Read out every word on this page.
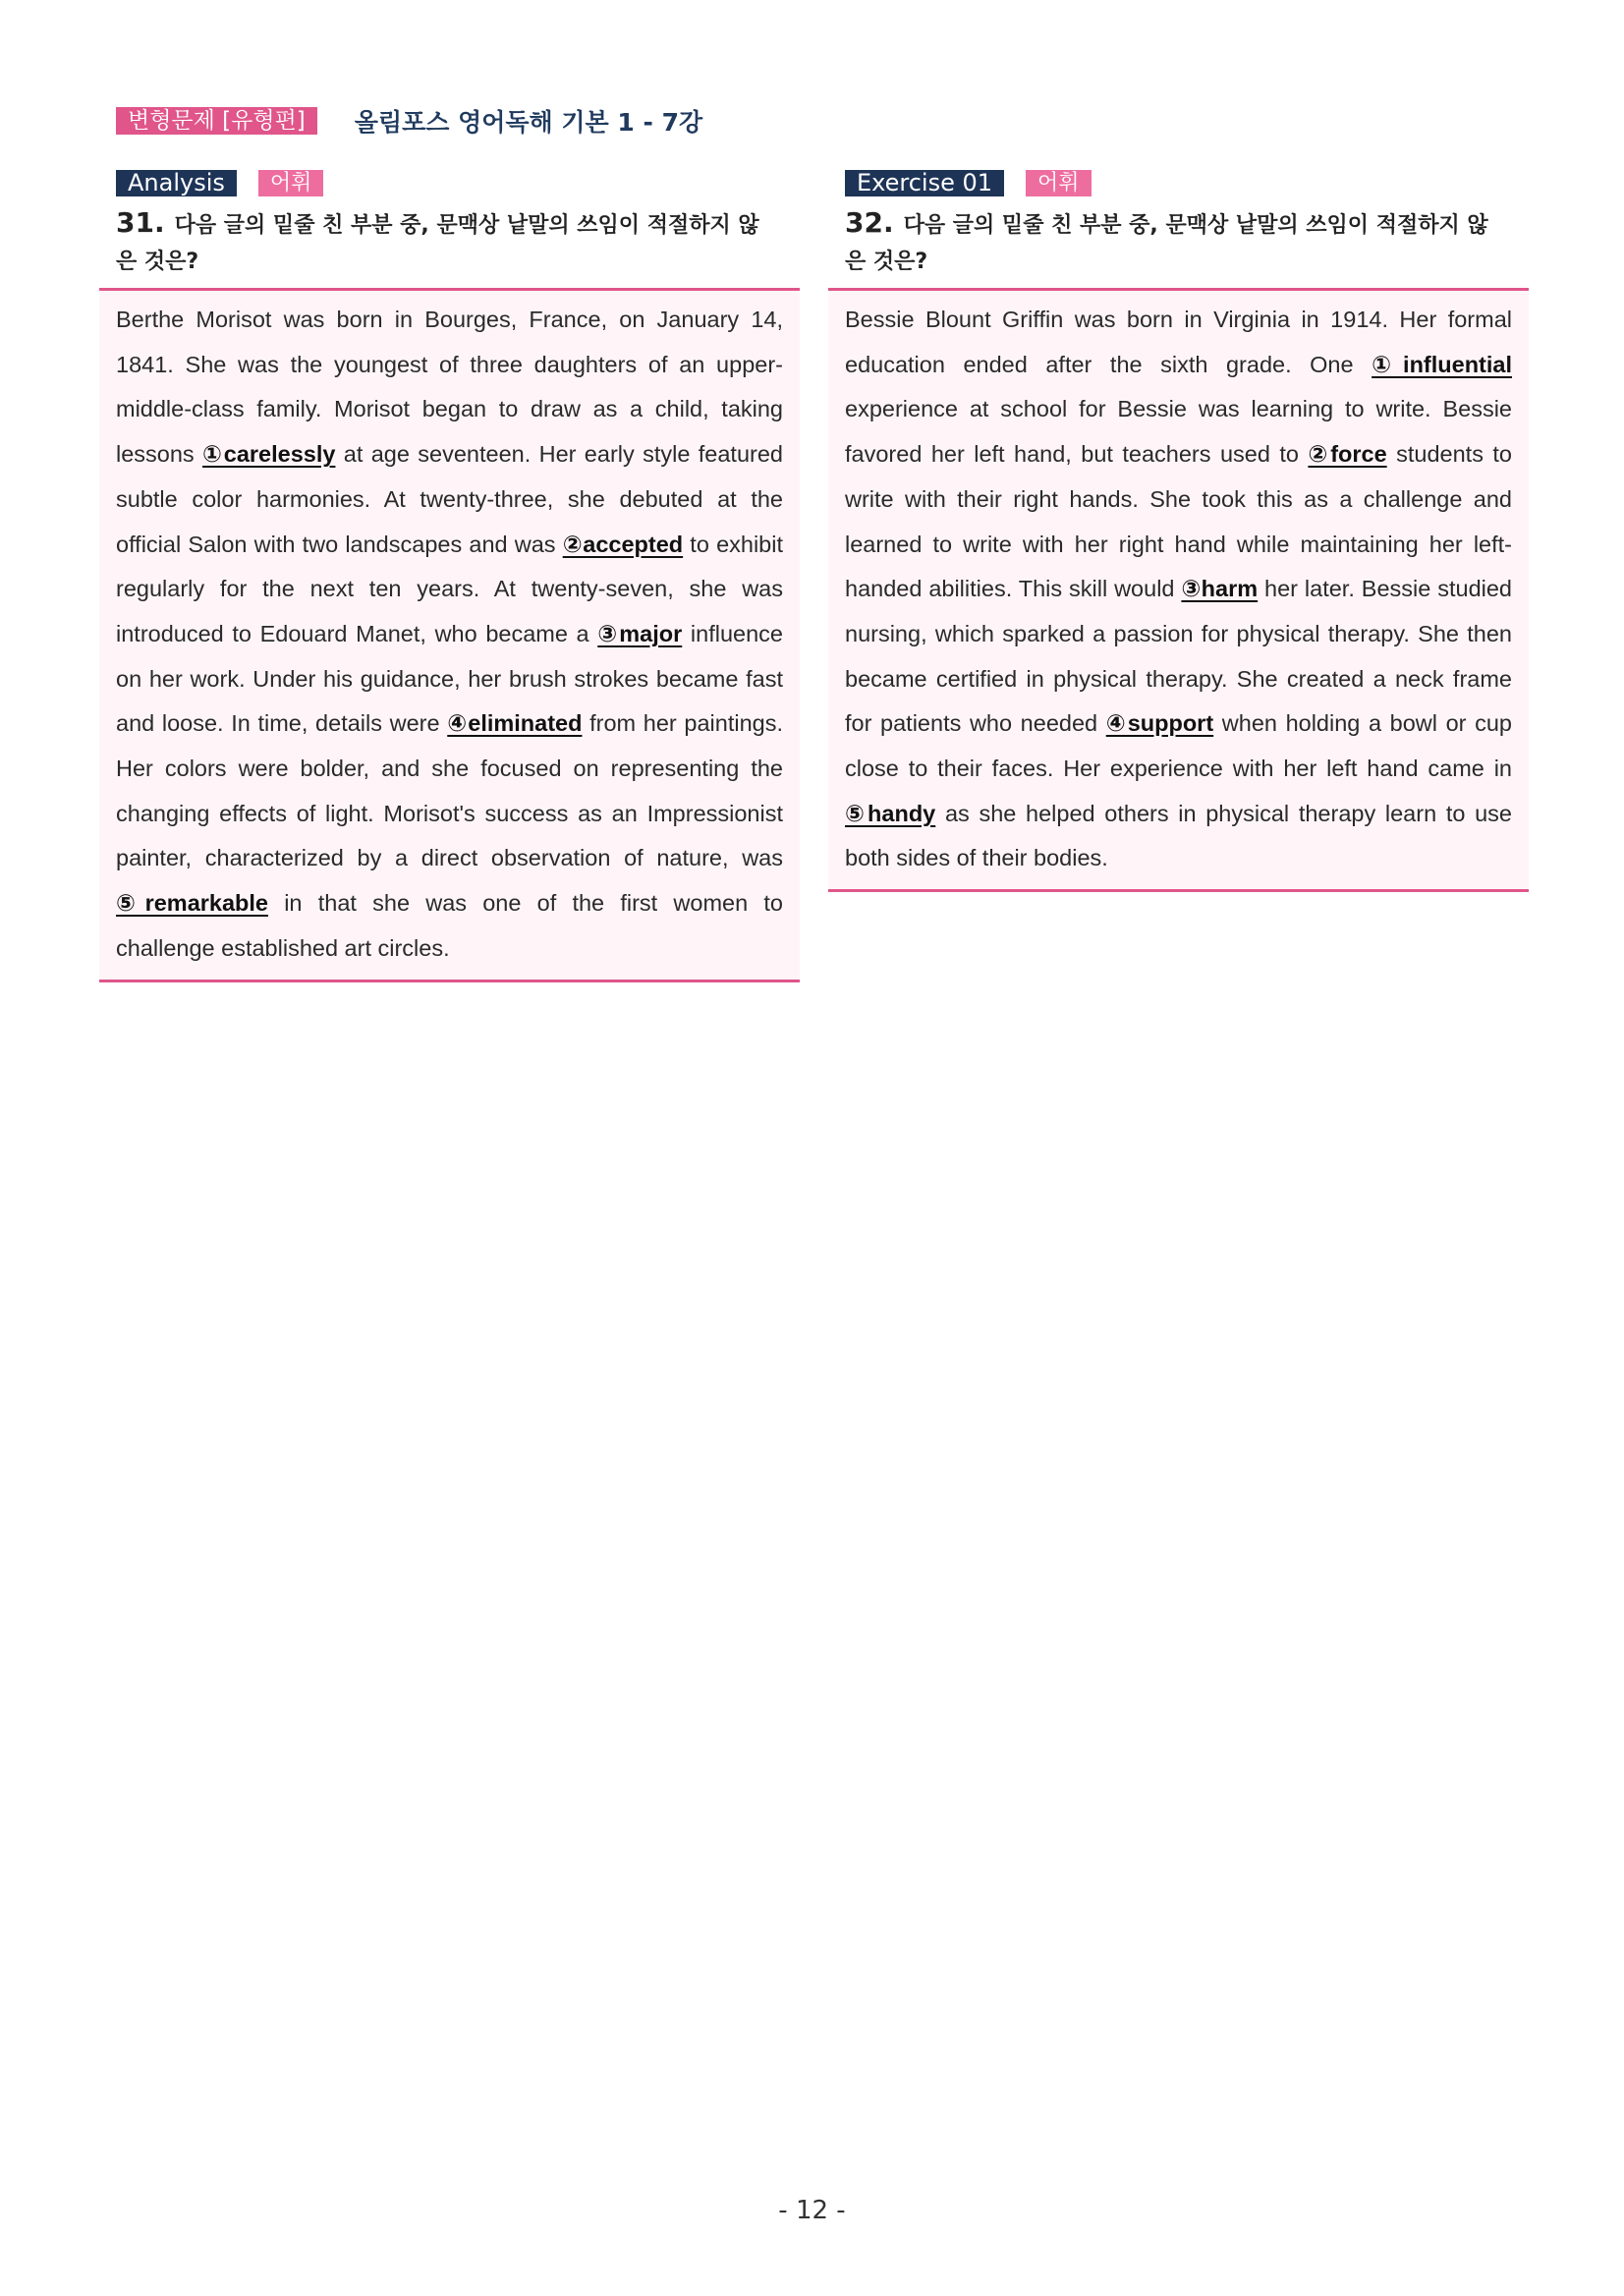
변형문제 [유형편]	올림포스 영어독해 기본 1 - 7강
Analysis	어휘
31. 다음 글의 밑줄 친 부분 중, 문맥상 낱말의 쓰임이 적절하지 않은 것은?
Berthe Morisot was born in Bourges, France, on January 14, 1841. She was the youngest of three daughters of an upper-middle-class family. Morisot began to draw as a child, taking lessons ①carelessly at age seventeen. Her early style featured subtle color harmonies. At twenty-three, she debuted at the official Salon with two landscapes and was ②accepted to exhibit regularly for the next ten years. At twenty-seven, she was introduced to Edouard Manet, who became a ③major influence on her work. Under his guidance, her brush strokes became fast and loose. In time, details were ④eliminated from her paintings. Her colors were bolder, and she focused on representing the changing effects of light. Morisot's success as an Impressionist painter, characterized by a direct observation of nature, was ⑤remarkable in that she was one of the first women to challenge established art circles.
Exercise 01	어휘
32. 다음 글의 밑줄 친 부분 중, 문맥상 낱말의 쓰임이 적절하지 않은 것은?
Bessie Blount Griffin was born in Virginia in 1914. Her formal education ended after the sixth grade. One ①influential experience at school for Bessie was learning to write. Bessie favored her left hand, but teachers used to ②force students to write with their right hands. She took this as a challenge and learned to write with her right hand while maintaining her left-handed abilities. This skill would ③harm her later. Bessie studied nursing, which sparked a passion for physical therapy. She then became certified in physical therapy. She created a neck frame for patients who needed ④support when holding a bowl or cup close to their faces. Her experience with her left hand came in ⑤handy as she helped others in physical therapy learn to use both sides of their bodies.
- 12 -
